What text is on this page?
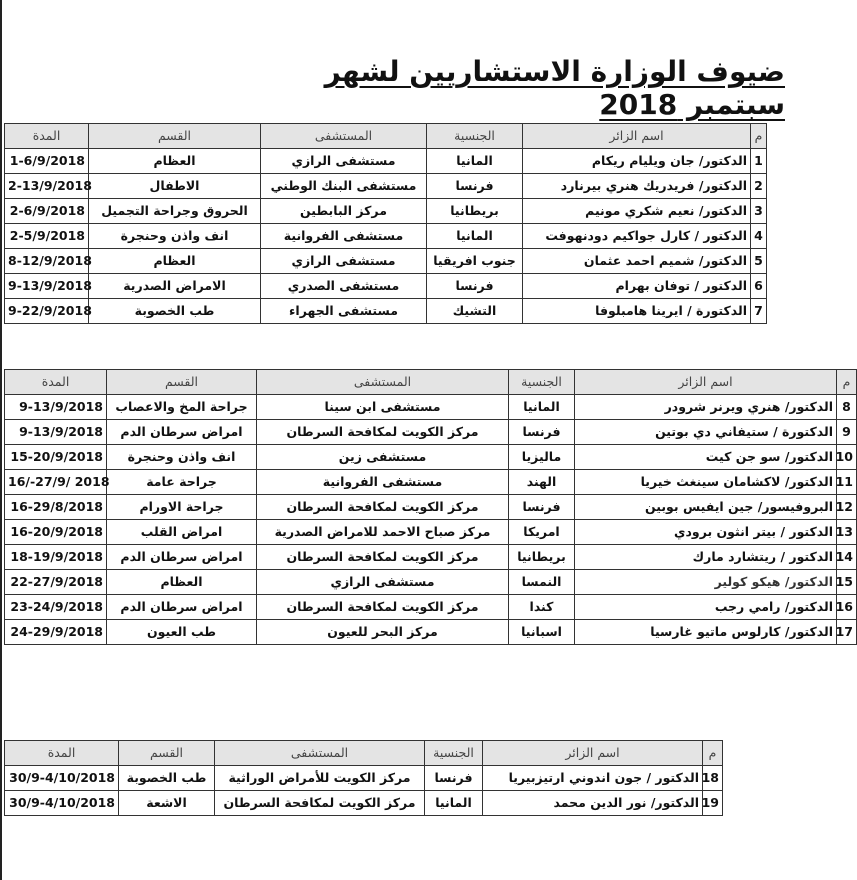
ضيوف الوزارة الاستشاريين لشهر سبتمبر 2018
م	اسم الزائر	الجنسية	المستشفى	القسم	المدة
1	الدكتور/ جان ويليام ريكام	المانيا	مستشفى الرازي	العظام	1-6/9/2018
2	الدكتور/ فريدريك هنري بيرنارد	فرنسا	مستشفى البنك الوطني	الاطفال	2-13/9/2018
3	الدكتور/ نعيم شكري مونيم	بريطانيا	مركز البابطين	الحروق وجراحة التجميل	2-6/9/2018
4	الدكتور / كارل جواكيم دودنهوفت	المانيا	مستشفى الفروانية	انف واذن وحنجرة	2-5/9/2018
5	الدكتور/ شميم احمد عثمان	جنوب افريقيا	مستشفى الرازي	العظام	8-12/9/2018
6	الدكتور / توفان بهرام	فرنسا	مستشفى الصدري	الامراض الصدرية	9-13/9/2018
7	الدكتورة / ايرينا هامبلوفا	التشيك	مستشفى الجهراء	طب الخصوبة	9-22/9/2018
م	اسم الزائر	الجنسية	المستشفى	القسم	المدة
8	الدكتور/ هنري ويرنر شرودر	المانيا	مستشفى ابن سينا	جراحة المخ والاعصاب	9-13/9/2018
9	الدكتورة / ستيفاني دي بوتين	فرنسا	مركز الكويت لمكافحة السرطان	امراض سرطان الدم	9-13/9/2018
10	الدكتور/ سو جن كيت	ماليزيا	مستشفى زين	انف واذن وحنجرة	15-20/9/2018
11	الدكتور/ لاكشامان سينغث خيريا	الهند	مستشفى الفروانية	جراحة عامة	16/-27/9/ 2018
12	البروفيسور/ جين ايفيس بوبين	فرنسا	مركز الكويت لمكافحة السرطان	جراحة الاورام	16-29/8/2018
13	الدكتور / بيتر انثون برودي	امريكا	مركز صباح الاحمد للامراض الصدرية	امراض القلب	16-20/9/2018
14	الدكتور / ريتشارد مارك	بريطانيا	مركز الكويت لمكافحة السرطان	امراض سرطان الدم	18-19/9/2018
15	الدكتور/ هيكو كولير	النمسا	مستشفى الرازي	العظام	22-27/9/2018
16	الدكتور/ رامي رجب	كندا	مركز الكويت لمكافحة السرطان	امراض سرطان الدم	23-24/9/2018
17	الدكتور/ كارلوس ماتيو غارسيا	اسبانيا	مركز البحر للعيون	طب العيون	24-29/9/2018
م	اسم الزائر	الجنسية	المستشفى	القسم	المدة
18	الدكتور / جون اندوني ارتيزبيريا	فرنسا	مركز الكويت للأمراض الوراثية	طب الخصوبة	30/9-4/10/2018
19	الدكتور/ نور الدين محمد	المانيا	مركز الكويت لمكافحة السرطان	الاشعة	30/9-4/10/2018
